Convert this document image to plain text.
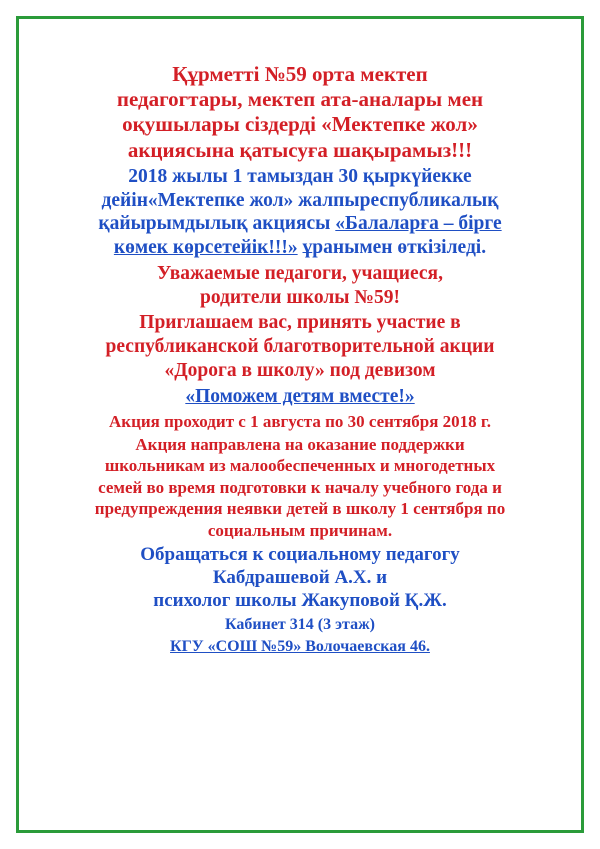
Құрметті №59 орта мектеп

педагогтары, мектеп ата-аналары мен

оқушылары сіздерді «Мектепке жол»

акциясына қатысуға шақырамыз!!!

2018 жылы 1 тамыздан 30 қыркүйекке

дейін«Мектепке жол» жалпыреспубликалық

қайырымдылық акциясы «Балаларға – бірге

көмек көрсетейік!!!» ұранымен өткізіледі.

Уважаемые педагоги, учащиеся,

родители школы №59!

Приглашаем вас, принять участие в

республиканской благотворительной акции

«Дорога в школу» под девизом

«Поможем детям вместе!»

Акция проходит с 1 августа по 30 сентября 2018 г.

Акция направлена на оказание поддержки

школьникам из малообеспеченных и многодетных

семей во время подготовки к началу учебного года и

предупреждения неявки детей в школу 1 сентября по

социальным причинам.

Обращаться к социальному педагогу

Кабдрашевой А.Х. и

психолог школы Жакуповой Қ.Ж.

Кабинет 314 (3 этаж)

КГУ «СОШ №59» Волочаевская 46.
